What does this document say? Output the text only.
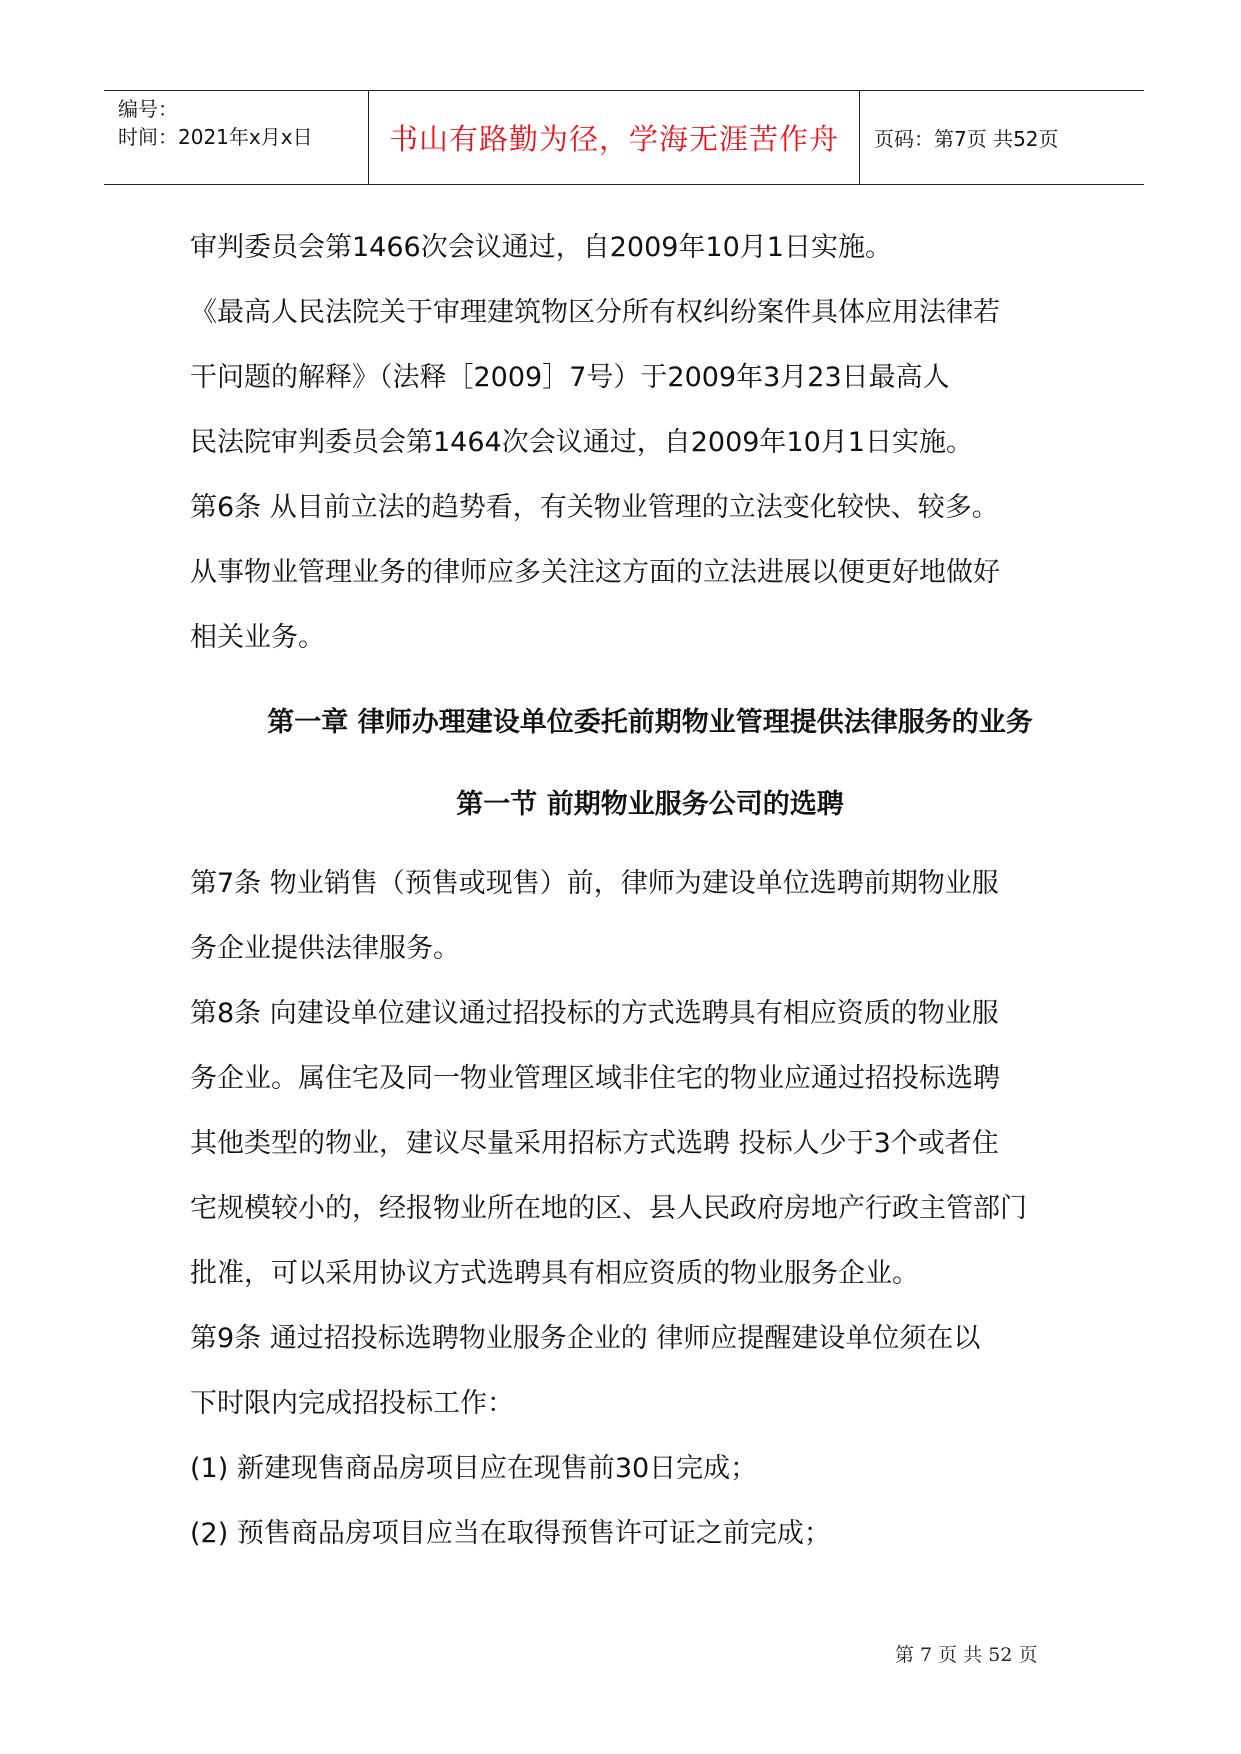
编号：
时间：2021年x月x日	书山有路勤为径，学海无涯苦作舟 页码：第7页 共52页
审判委员会第1466次会议通过，自2009年10月1日实施。
《最高人民法院关于审理建筑物区分所有权纠纷案件具体应用法律若
干问题的解释》（法释［2009］7号）于2009年3月23日最高人
民法院审判委员会第1464次会议通过，自2009年10月1日实施。
第6条 从目前立法的趋势看，有关物业管理的立法变化较快、较多。
从事物业管理业务的律师应多关注这方面的立法进展以便更好地做好
相关业务。
第一章 律师办理建设单位委托前期物业管理提供法律服务的业务
第一节 前期物业服务公司的选聘
第7条 物业销售（预售或现售）前，律师为建设单位选聘前期物业服
务企业提供法律服务。
第8条 向建设单位建议通过招投标的方式选聘具有相应资质的物业服
务企业。属住宅及同一物业管理区域非住宅的物业应通过招投标选聘
其他类型的物业，建议尽量采用招标方式选聘 投标人少于3个或者住
宅规模较小的，经报物业所在地的区、县人民政府房地产行政主管部门
批准，可以采用协议方式选聘具有相应资质的物业服务企业。
第9条 通过招投标选聘物业服务企业的 律师应提醒建设单位须在以
下时限内完成招投标工作：
(1) 新建现售商品房项目应在现售前30日完成；
(2) 预售商品房项目应当在取得预售许可证之前完成；
第 7 页 共 52 页
